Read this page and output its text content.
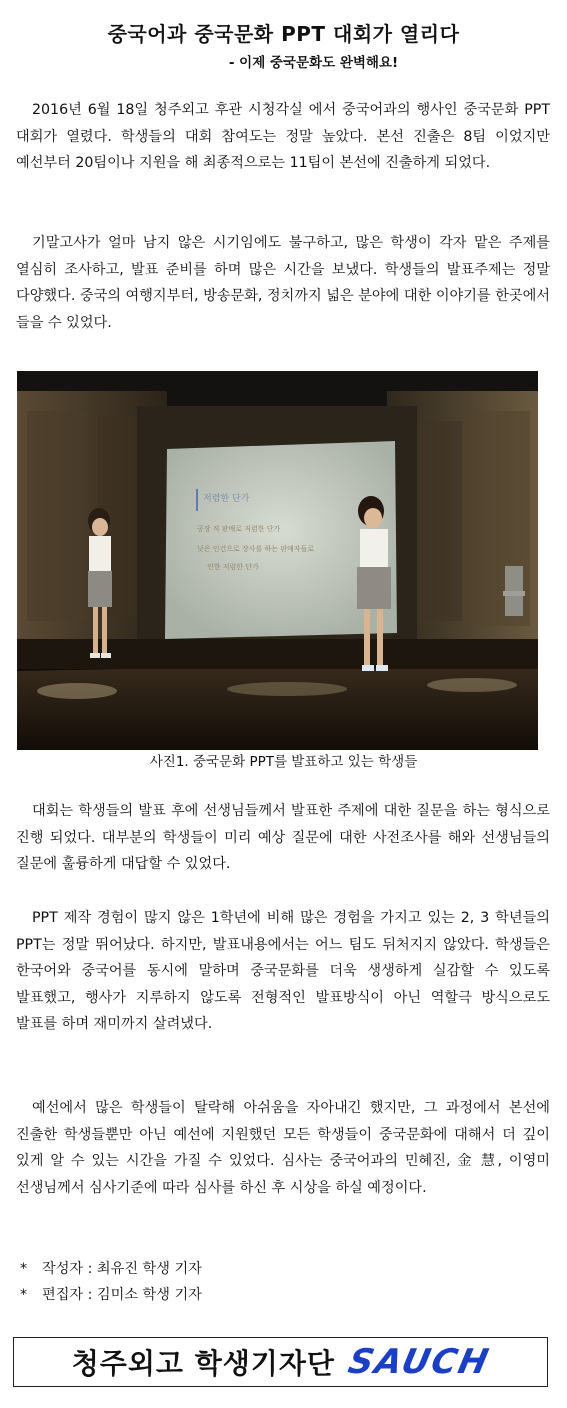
중국어과 중국문화 PPT 대회가 열리다
- 이제 중국문화도 완벽해요!

2016년 6월 18일 청주외고 후관 시청각실 에서 중국어과의 행사인 중국문화 PPT 대회가 열렸다. 학생들의 대회 참여도는 정말 높았다. 본선 진출은 8팀 이었지만 예선부터 20팀이나 지원을 해 최종적으로는 11팀이 본선에 진출하게 되었다.

기말고사가 얼마 남지 않은 시기임에도 불구하고, 많은 학생이 각자 맡은 주제를 열심히 조사하고, 발표 준비를 하며 많은 시간을 보냈다. 학생들의 발표주제는 정말 다양했다. 중국의 여행지부터, 방송문화, 정치까지 넓은 분야에 대한 이야기를 한곳에서 들을 수 있었다.

저렴한 단가
공장 직 판매로 저렴한 단가
낮은 인건으로 장사를 하는 판매자들로
인한 저렴한 단가
사진1. 중국문화 PPT를 발표하고 있는 학생들

대회는 학생들의 발표 후에 선생님들께서 발표한 주제에 대한 질문을 하는 형식으로 진행 되었다. 대부분의 학생들이 미리 예상 질문에 대한 사전조사를 해와 선생님들의 질문에 훌륭하게 대답할 수 있었다.

PPT 제작 경험이 많지 않은 1학년에 비해 많은 경험을 가지고 있는 2, 3 학년들의 PPT는 정말 뛰어났다. 하지만, 발표내용에서는 어느 팀도 뒤처지지 않았다. 학생들은 한국어와 중국어를 동시에 말하며 중국문화를 더욱 생생하게 실감할 수 있도록 발표했고, 행사가 지루하지 않도록 전형적인 발표방식이 아닌 역할극 방식으로도 발표를 하며 재미까지 살려냈다.

예선에서 많은 학생들이 탈락해 아쉬움을 자아내긴 했지만, 그 과정에서 본선에 진출한 학생들뿐만 아닌 예선에 지원했던 모든 학생들이 중국문화에 대해서 더 깊이 있게 알 수 있는 시간을 가질 수 있었다. 심사는 중국어과의 민혜진, 金 慧, 이영미 선생님께서 심사기준에 따라 심사를 하신 후 시상을 하실 예정이다.

* 작성자 : 최유진 학생 기자
* 편집자 : 김미소 학생 기자
청주외고 학생기자단 SAUCH
